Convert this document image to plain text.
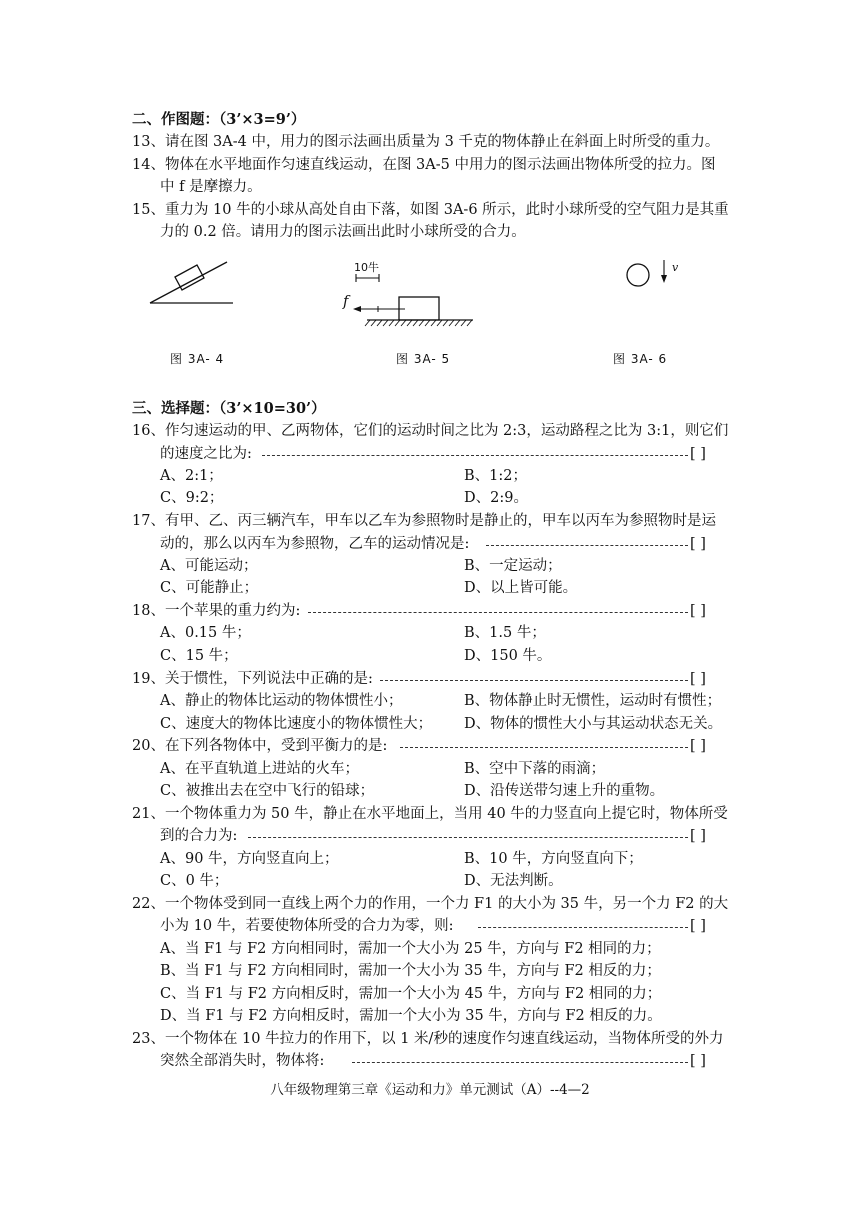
二、作图题：（3’×3=9’）
13、请在图 3A-4 中，用力的图示法画出质量为 3 千克的物体静止在斜面上时所受的重力。
14、物体在水平地面作匀速直线运动，在图 3A-5 中用力的图示法画出物体所受的拉力。图
中 f 是摩擦力。
15、重力为 10 牛的小球从高处自由下落，如图 3A-6 所示，此时小球所受的空气阻力是其重
力的 0.2 倍。请用力的图示法画出此时小球所受的合力。
图 3A- 4
10牛
f
图 3A- 5
v
图 3A- 6
三、选择题：（3’×10=30’）
16、作匀速运动的甲、乙两物体，它们的运动时间之比为 2:3，运动路程之比为 3:1，则它们
的速度之比为:	[ ]
A、2:1；	B、1:2；
C、9:2；	D、2:9。
17、有甲、乙、丙三辆汽车，甲车以乙车为参照物时是静止的，甲车以丙车为参照物时是运
动的，那么以丙车为参照物，乙车的运动情况是:	[ ]
A、可能运动；	B、一定运动；
C、可能静止；	D、以上皆可能。
18、一个苹果的重力约为:	[ ]
A、0.15 牛；	B、1.5 牛；
C、15 牛；	D、150 牛。
19、关于惯性，下列说法中正确的是:	[ ]
A、静止的物体比运动的物体惯性小；	B、物体静止时无惯性，运动时有惯性；
C、速度大的物体比速度小的物体惯性大； D、物体的惯性大小与其运动状态无关。
20、在下列各物体中，受到平衡力的是:	[ ]
A、在平直轨道上进站的火车；	B、空中下落的雨滴；
C、被推出去在空中飞行的铅球；	D、沿传送带匀速上升的重物。
21、一个物体重力为 50 牛，静止在水平地面上，当用 40 牛的力竖直向上提它时，物体所受
到的合力为:	[ ]
A、90 牛，方向竖直向上；	B、10 牛，方向竖直向下；
C、0 牛；	D、无法判断。
22、一个物体受到同一直线上两个力的作用，一个力 F1 的大小为 35 牛，另一个力 F2 的大
小为 10 牛，若要使物体所受的合力为零，则:	[ ]
A、当 F1 与 F2 方向相同时，需加一个大小为 25 牛，方向与 F2 相同的力；
B、当 F1 与 F2 方向相同时，需加一个大小为 35 牛，方向与 F2 相反的力；
C、当 F1 与 F2 方向相反时，需加一个大小为 45 牛，方向与 F2 相同的力；
D、当 F1 与 F2 方向相反时，需加一个大小为 35 牛，方向与 F2 相反的力。
23、一个物体在 10 牛拉力的作用下，以 1 米/秒的速度作匀速直线运动，当物体所受的外力
突然全部消失时，物体将:	[ ]
八年级物理第三章《运动和力》单元测试（A）--4—2
